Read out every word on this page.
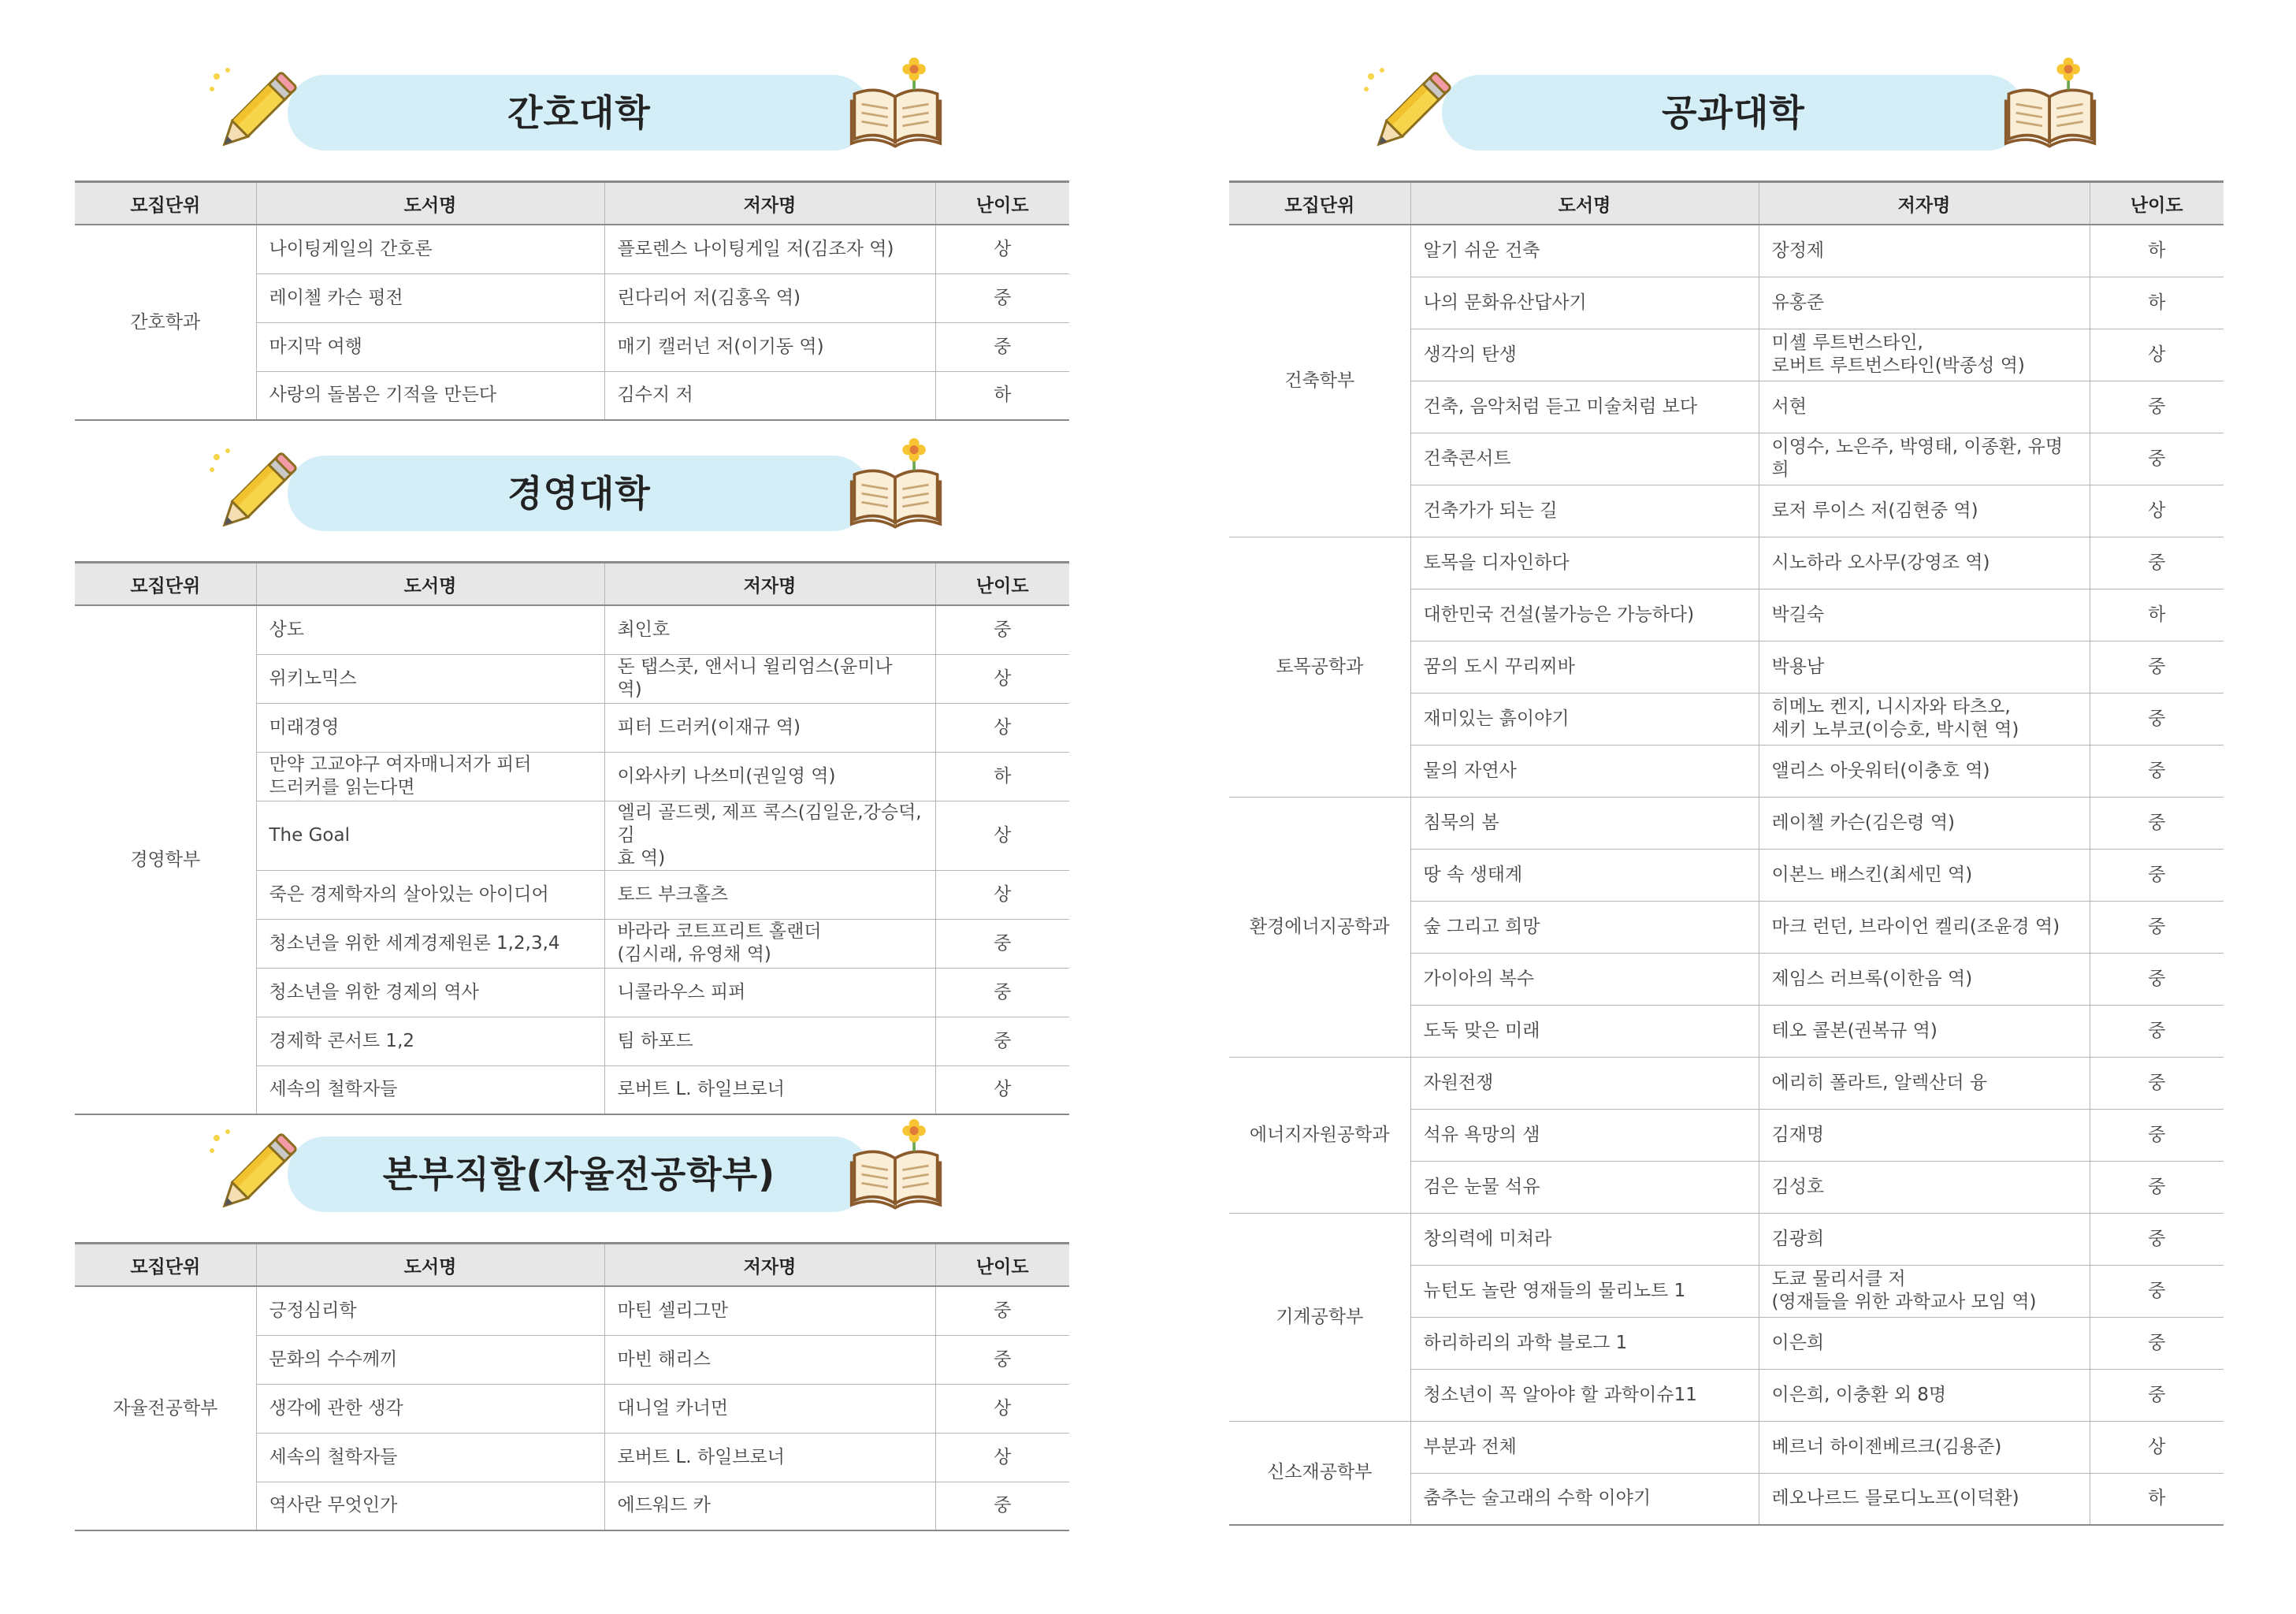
간호대학
모집단위	도서명	저자명	난이도
간호학과	나이팅게일의 간호론	플로렌스 나이팅게일 저(김조자 역)	상
	레이첼 카슨 평전	린다리어 저(김홍옥 역)	중
	마지막 여행	매기 캘러넌 저(이기동 역)	중
	사랑의 돌봄은 기적을 만든다	김수지 저	하
경영대학
모집단위	도서명	저자명	난이도
경영학부	상도	최인호	중
	위키노믹스	돈 탭스콧, 앤서니 윌리엄스(윤미나 역)	상
	미래경영	피터 드러커(이재규 역)	상
	만약 고교야구 여자매니저가 피터
드러커를 읽는다면	이와사키 나쓰미(권일영 역)	하
	The Goal	엘리 골드렛, 제프 콕스(김일운,강승덕,김
효 역)	상
	죽은 경제학자의 살아있는 아이디어	토드 부크홀츠	상
	청소년을 위한 세계경제원론 1,2,3,4	바라라 코트프리트 홀랜더
(김시래, 유영채 역)	중
	청소년을 위한 경제의 역사	니콜라우스 피퍼	중
	경제학 콘서트 1,2	팀 하포드	중
	세속의 철학자들	로버트 L. 하일브로너	상
본부직할(자율전공학부)
모집단위	도서명	저자명	난이도
자율전공학부	긍정심리학	마틴 셀리그만	중
	문화의 수수께끼	마빈 해리스	중
	생각에 관한 생각	대니얼 카너먼	상
	세속의 철학자들	로버트 L. 하일브로너	상
	역사란 무엇인가	에드워드 카	중
공과대학
모집단위	도서명	저자명	난이도
건축학부	알기 쉬운 건축	장정제	하
	나의 문화유산답사기	유홍준	하
	생각의 탄생	미셸 루트번스타인,
로버트 루트번스타인(박종성 역)	상
	건축, 음악처럼 듣고 미술처럼 보다	서현	중
	건축콘서트	이영수, 노은주, 박영태, 이종환, 유명희	중
	건축가가 되는 길	로저 루이스 저(김현중 역)	상
토목공학과	토목을 디자인하다	시노하라 오사무(강영조 역)	중
	대한민국 건설(불가능은 가능하다)	박길숙	하
	꿈의 도시 꾸리찌바	박용남	중
	재미있는 흙이야기	히메노 켄지, 니시자와 타츠오,
세키 노부코(이승호, 박시현 역)	중
	물의 자연사	앨리스 아웃워터(이충호 역)	중
환경에너지공학과	침묵의 봄	레이첼 카슨(김은령 역)	중
	땅 속 생태계	이본느 배스킨(최세민 역)	중
	숲 그리고 희망	마크 런던, 브라이언 켈리(조윤경 역)	중
	가이아의 복수	제임스 러브록(이한음 역)	중
	도둑 맞은 미래	테오 콜본(권복규 역)	중
에너지자원공학과	자원전쟁	에리히 폴라트, 알렉산더 융	중
	석유 욕망의 샘	김재명	중
	검은 눈물 석유	김성호	중
기계공학부	창의력에 미쳐라	김광희	중
	뉴턴도 놀란 영재들의 물리노트 1	도쿄 물리서클 저
(영재들을 위한 과학교사 모임 역)	중
	하리하리의 과학 블로그 1	이은희	중
	청소년이 꼭 알아야 할 과학이슈11	이은희, 이충환 외 8명	중
신소재공학부	부분과 전체	베르너 하이젠베르크(김용준)	상
	춤추는 술고래의 수학 이야기	레오나르드 믈로디노프(이덕환)	하
